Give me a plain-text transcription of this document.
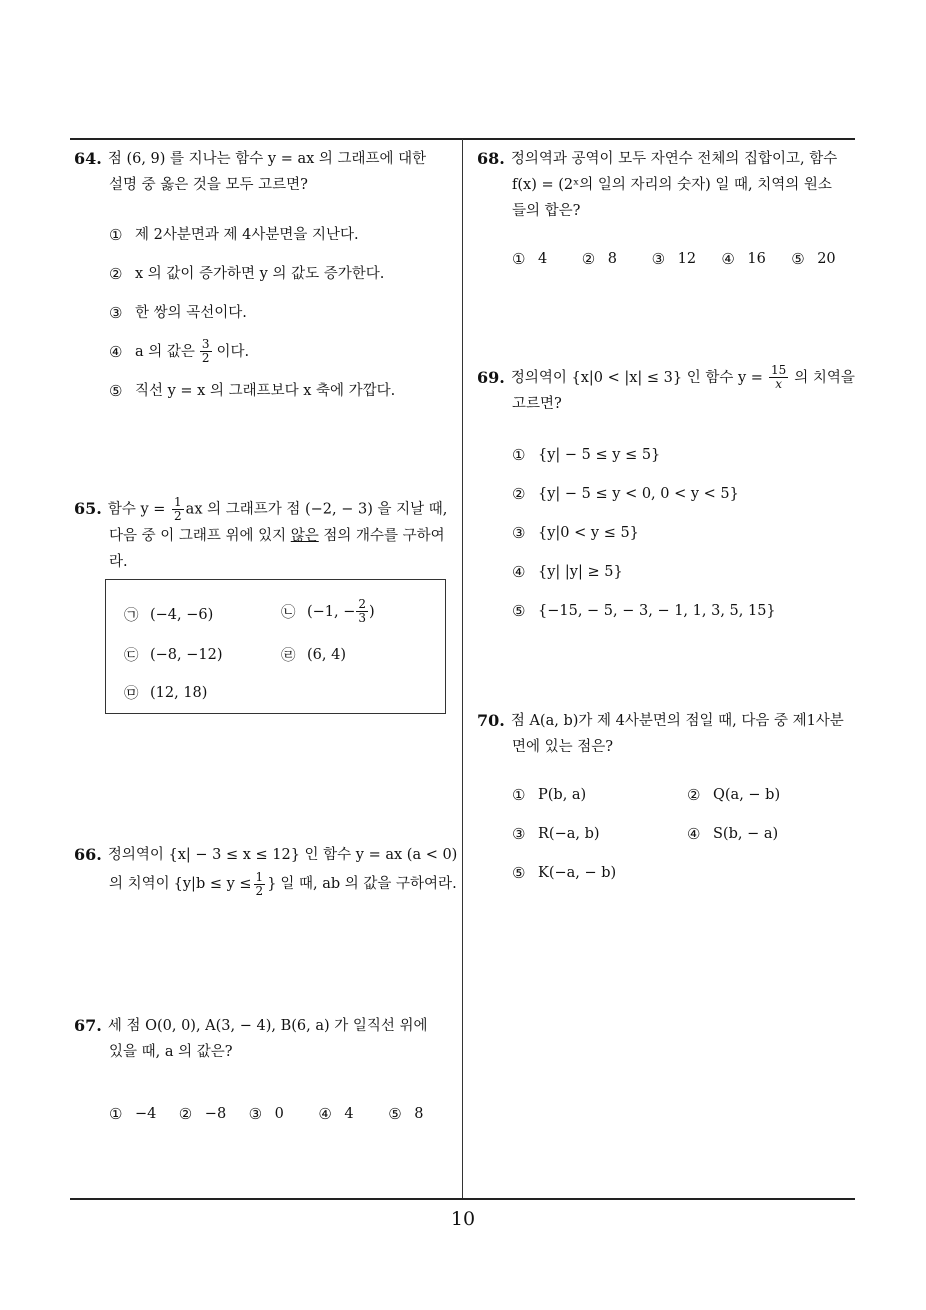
64. 점 (6, 9) 를 지나는 함수 y = ax 의 그래프에 대한
설명 중 옳은 것을 모두 고르면?
① 제 2사분면과 제 4사분면을 지난다.
② x 의 값이 증가하면 y 의 값도 증가한다.
③ 한 쌍의 곡선이다.
④ a 의 값은 $\frac{3}{2}$ 이다.
⑤ 직선 y = x 의 그래프보다 x 축에 가깝다.
65. 함수 $y = \frac{1}{2}$ ax 의 그래프가 점 (−2, − 3) 을 지날 때,
다음 중 이 그래프 위에 있지 않은 점의 개수를 구하여
라.
㉠ (−4, −6)	㉡ (−1, − $\frac{2}{3}$ )
㉢ (−8, −12)	㉣ (6, 4)
㉤ (12, 18)
66. 정의역이 {x| − 3 ≤ x ≤ 12} 인 함수 y = ax (a < 0)
의 치역이 {$y|b \le y \le \frac{1}{2}$ } 일 때, ab 의 값을 구하여라.
67. 세 점 O(0, 0), A(3, − 4), B(6, a) 가 일직선 위에
있을 때, a 의 값은?
① −4 ② −8 ③ 0 ④ 4 ⑤ 8
68. 정의역과 공역이 모두 자연수 전체의 집합이고, 함수
f(x) = (2ˣ의 일의 자리의 숫자) 일 때, 치역의 원소
들의 합은?
① 4 ② 8 ③ 12 ④ 16 ⑤ 20
69. 정의역이 {x|0 < |x| ≤ 3} 인 함수 $y = \frac{15}{x}$ 의 치역을
고르면?
① {y| − 5 ≤ y ≤ 5}
② {y| − 5 ≤ y < 0, 0 < y < 5}
③ {y|0 < y ≤ 5}
④ {y| |y| ≥ 5}
⑤ {−15, − 5, − 3, − 1, 1, 3, 5, 15}
70. 점 A(a, b)가 제 4사분면의 점일 때, 다음 중 제1사분
면에 있는 점은?
① P(b, a)	② Q(a, − b)
③ R(−a, b)	④ S(b, − a)
⑤ K(−a, − b)
10
